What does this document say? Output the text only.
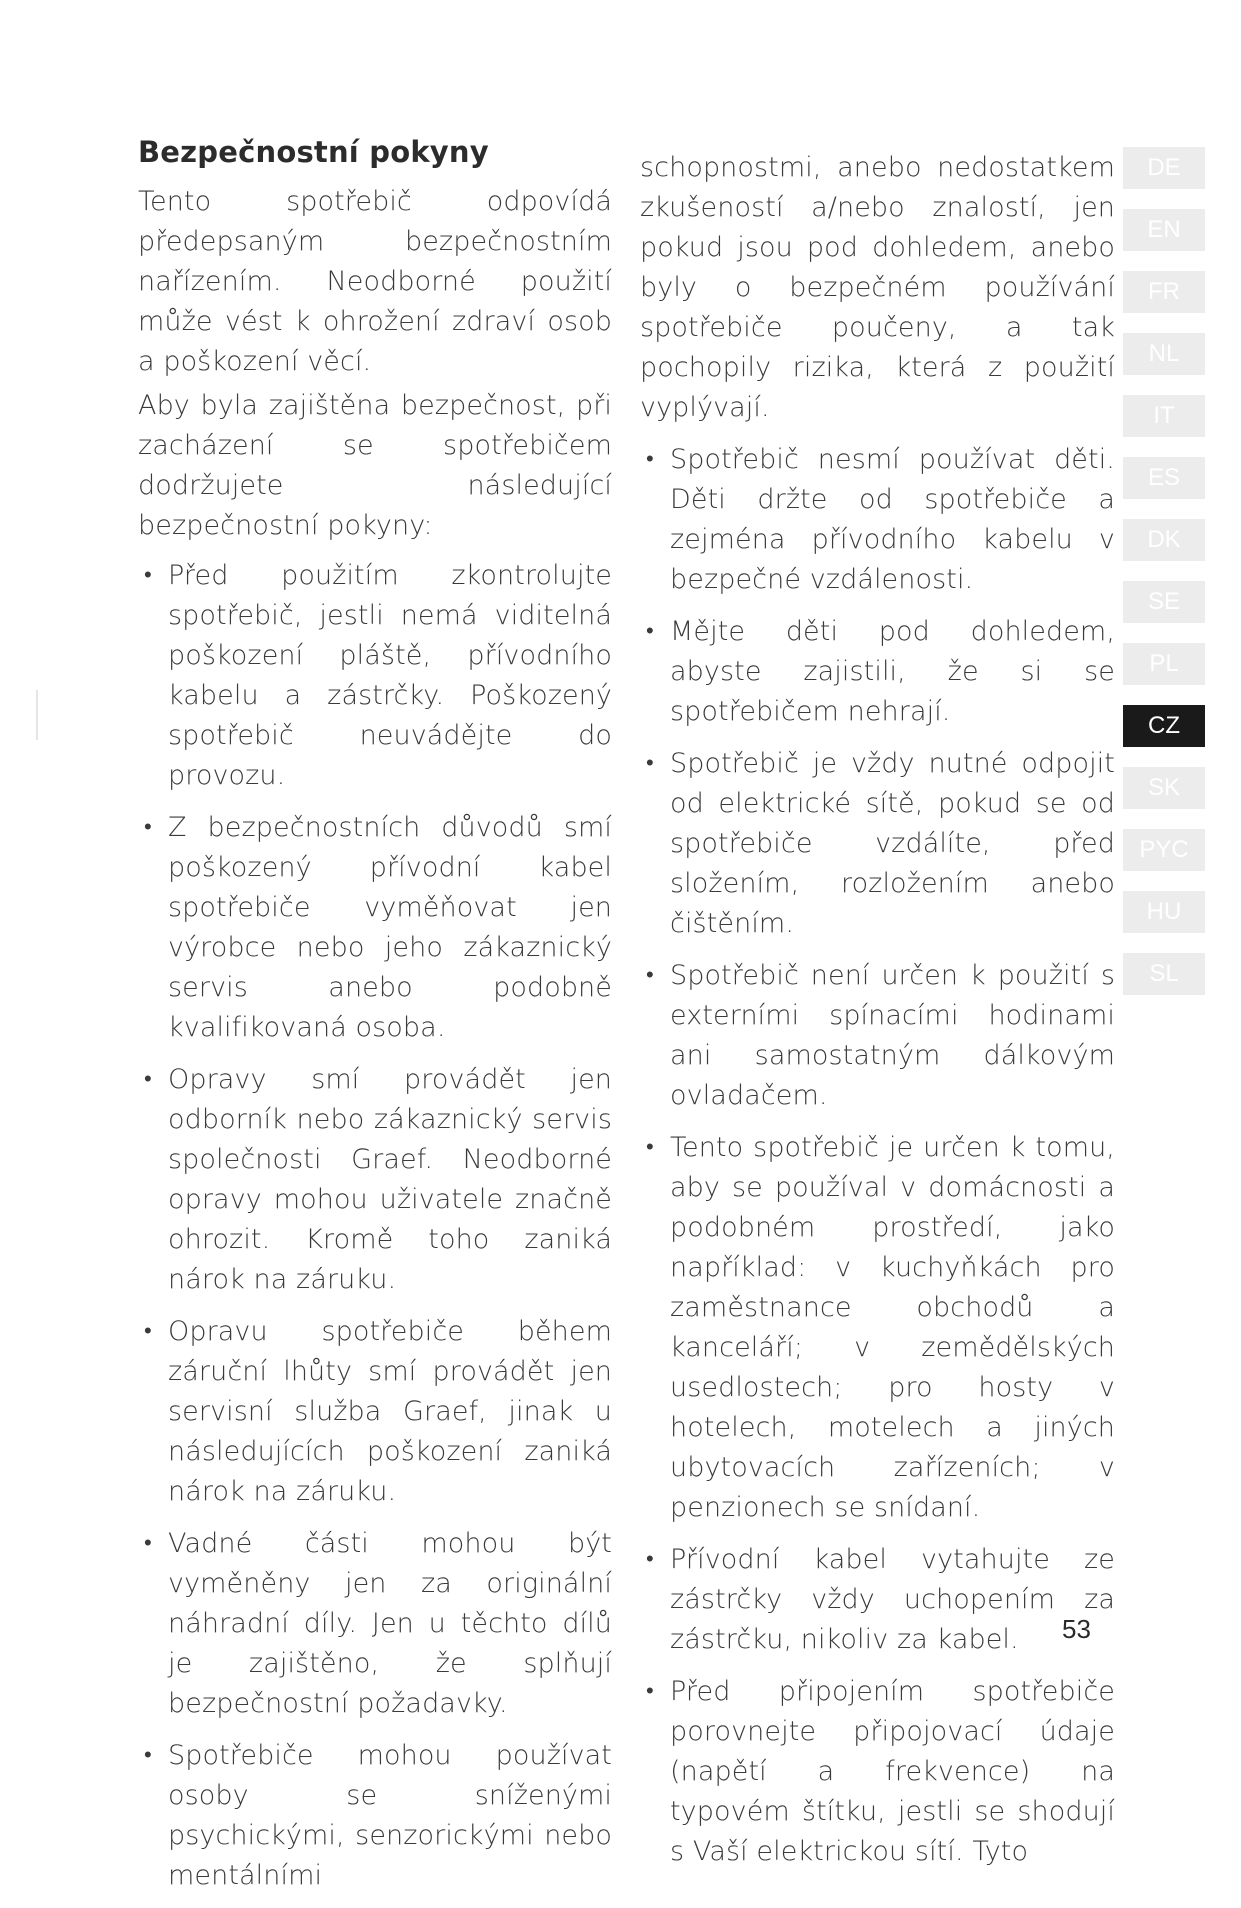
Bezpečnostní pokyny

Tento spotřebič odpovídá předepsaným bezpečnostním nařízením. Neodborné použití může vést k ohrožení zdraví osob a poškození věcí.

Aby byla zajištěna bezpečnost, při zacházení se spotřebičem dodržujete následující bezpečnostní pokyny:

• Před použitím zkontrolujte spotřebič, jestli nemá viditelná poškození pláště, přívodního kabelu a zástrčky. Poškozený spotřebič neuvádějte do provozu.
• Z bezpečnostních důvodů smí poškozený přívodní kabel spotřebiče vyměňovat jen výrobce nebo jeho zákaznický servis anebo podobně kvalifikovaná osoba.
• Opravy smí provádět jen odborník nebo zákaznický servis společnosti Graef. Neodborné opravy mohou uživatele značně ohrozit. Kromě toho zaniká nárok na záruku.
• Opravu spotřebiče během záruční lhůty smí provádět jen servisní služba Graef, jinak u následujících poškození zaniká nárok na záruku.
• Vadné části mohou být vyměněny jen za originální náhradní díly. Jen u těchto dílů je zajištěno, že splňují bezpečnostní požadavky.
• Spotřebiče mohou používat osoby se sníženými psychickými, senzorickými nebo mentálními

schopnostmi, anebo nedostatkem zkušeností a/nebo znalostí, jen pokud jsou pod dohledem, anebo byly o bezpečném používání spotřebiče poučeny, a tak pochopily rizika, která z použití vyplývají.

• Spotřebič nesmí používat děti. Děti držte od spotřebiče a zejména přívodního kabelu v bezpečné vzdálenosti.
• Mějte děti pod dohledem, abyste zajistili, že si se spotřebičem nehrají.
• Spotřebič je vždy nutné odpojit od elektrické sítě, pokud se od spotřebiče vzdálíte, před složením, rozložením anebo čištěním.
• Spotřebič není určen k použití s externími spínacími hodinami ani samostatným dálkovým ovladačem.
• Tento spotřebič je určen k tomu, aby se používal v domácnosti a podobném prostředí, jako například: v kuchyňkách pro zaměstnance obchodů a kanceláří; v zemědělských usedlostech; pro hosty v hotelech, motelech a jiných ubytovacích zařízeních; v penzionech se snídaní.
• Přívodní kabel vytahujte ze zástrčky vždy uchopením za zástrčku, nikoliv za kabel.
• Před připojením spotřebiče porovnejte připojovací údaje (napětí a frekvence) na typovém štítku, jestli se shodují s Vaší elektrickou sítí. Tyto
DE
EN
FR
NL
IT
ES
DK
SE
PL
CZ
SK
PYC
HU
SL
53
